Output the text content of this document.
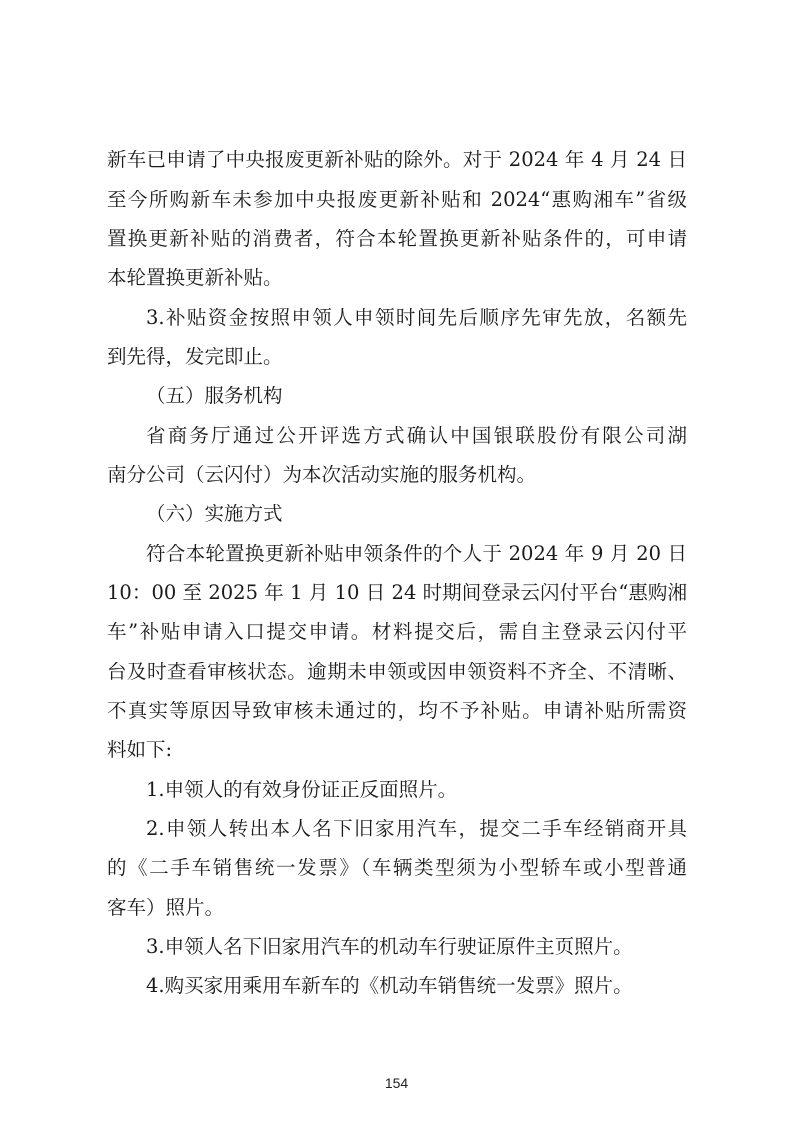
新车已申请了中央报废更新补贴的除外。对于 2024 年 4 月 24 日
至今所购新车未参加中央报废更新补贴和 2024“惠购湘车”省级
置换更新补贴的消费者，符合本轮置换更新补贴条件的，可申请
本轮置换更新补贴。
3.补贴资金按照申领人申领时间先后顺序先审先放，名额先
到先得，发完即止。
（五）服务机构
省商务厅通过公开评选方式确认中国银联股份有限公司湖
南分公司（云闪付）为本次活动实施的服务机构。
（六）实施方式
符合本轮置换更新补贴申领条件的个人于 2024 年 9 月 20 日
10：00 至 2025 年 1 月 10 日 24 时期间登录云闪付平台“惠购湘
车”补贴申请入口提交申请。材料提交后，需自主登录云闪付平
台及时查看审核状态。逾期未申领或因申领资料不齐全、不清晰、
不真实等原因导致审核未通过的，均不予补贴。申请补贴所需资
料如下:
1.申领人的有效身份证正反面照片。
2.申领人转出本人名下旧家用汽车，提交二手车经销商开具
的《二手车销售统一发票》（车辆类型须为小型轿车或小型普通
客车）照片。
3.申领人名下旧家用汽车的机动车行驶证原件主页照片。
4.购买家用乘用车新车的《机动车销售统一发票》照片。
154
